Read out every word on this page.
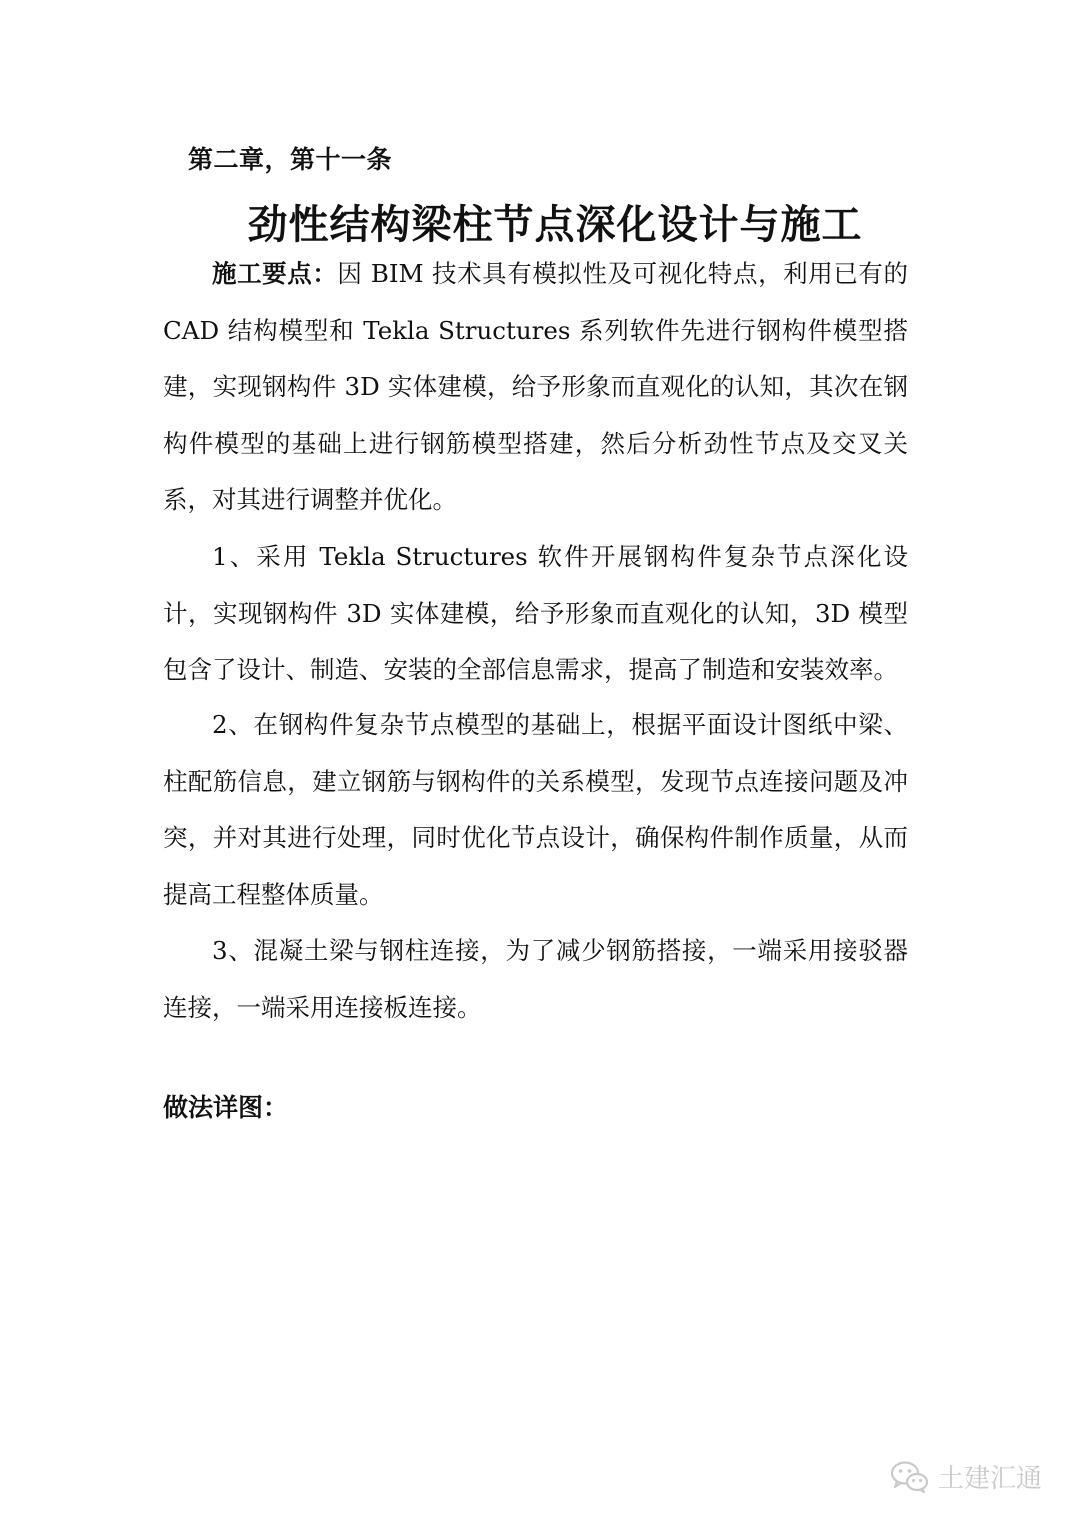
第二章，第十一条
劲性结构梁柱节点深化设计与施工

施工要点：因 BIM 技术具有模拟性及可视化特点，利用已有的 CAD 结构模型和 Tekla Structures 系列软件先进行钢构件模型搭建，实现钢构件 3D 实体建模，给予形象而直观化的认知，其次在钢构件模型的基础上进行钢筋模型搭建，然后分析劲性节点及交叉关系，对其进行调整并优化。

1、采用 Tekla Structures 软件开展钢构件复杂节点深化设计，实现钢构件 3D 实体建模，给予形象而直观化的认知，3D 模型包含了设计、制造、安装的全部信息需求，提高了制造和安装效率。

2、在钢构件复杂节点模型的基础上，根据平面设计图纸中梁、柱配筋信息，建立钢筋与钢构件的关系模型，发现节点连接问题及冲突，并对其进行处理，同时优化节点设计，确保构件制作质量，从而提高工程整体质量。

3、混凝土梁与钢柱连接，为了减少钢筋搭接，一端采用接驳器连接，一端采用连接板连接。

做法详图：
土建汇通
